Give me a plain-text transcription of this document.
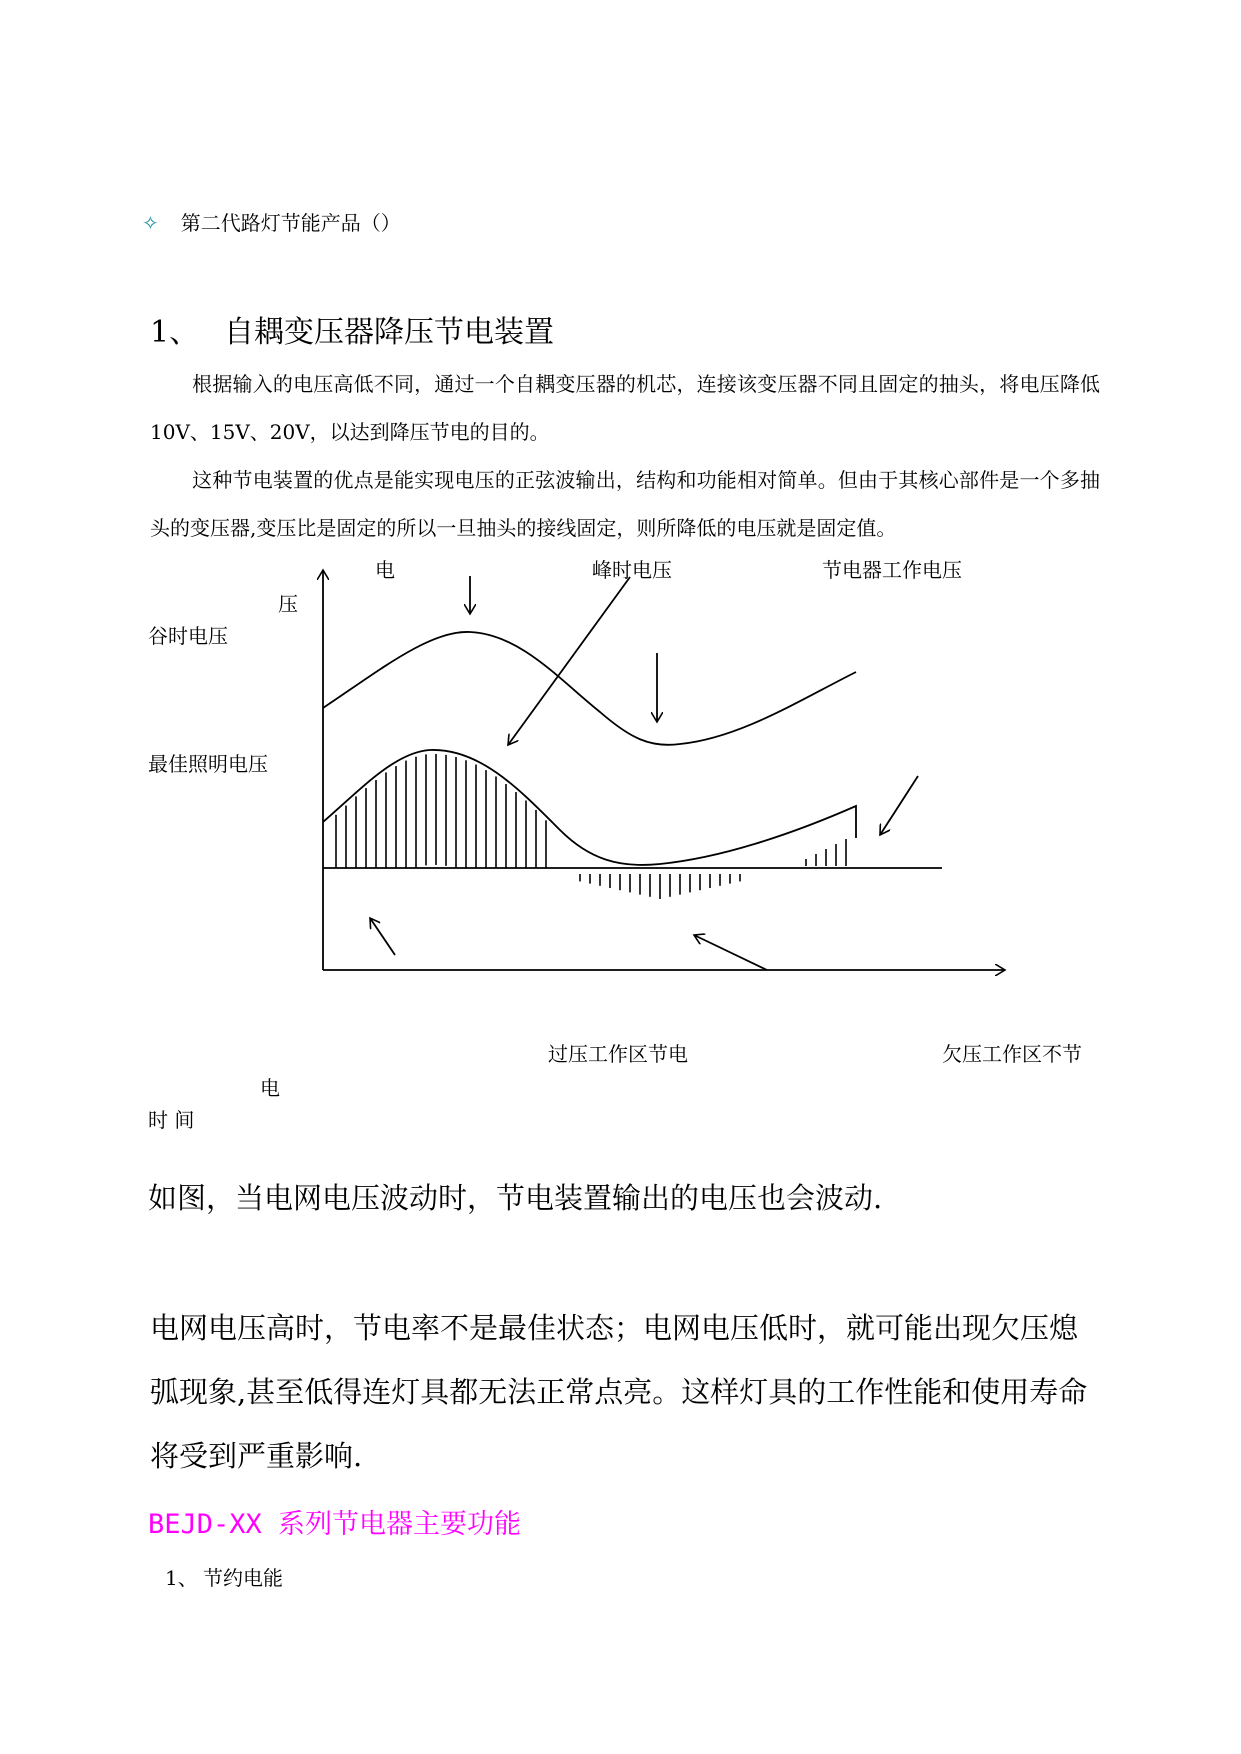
✧ 第二代路灯节能产品（）
1、 自耦变压器降压节电装置
根据输入的电压高低不同，通过一个自耦变压器的机芯，连接该变压器不同且固定的抽头，将电压降低 10V、15V、20V，以达到降压节电的目的。
这种节电装置的优点是能实现电压的正弦波输出，结构和功能相对简单。但由于其核心部件是一个多抽头的变压器,变压比是固定的所以一旦抽头的接线固定，则所降低的电压就是固定值。
电	峰时电压	节电器工作电压
压
谷时电压
最佳照明电压
过压工作区节电	欠压工作区不节
电
时 间
如图，当电网电压波动时，节电装置输出的电压也会波动.
电网电压高时，节电率不是最佳状态；电网电压低时，就可能出现欠压熄弧现象,甚至低得连灯具都无法正常点亮。这样灯具的工作性能和使用寿命将受到严重影响.
BEJD-XX 系列节电器主要功能
1、 节约电能
